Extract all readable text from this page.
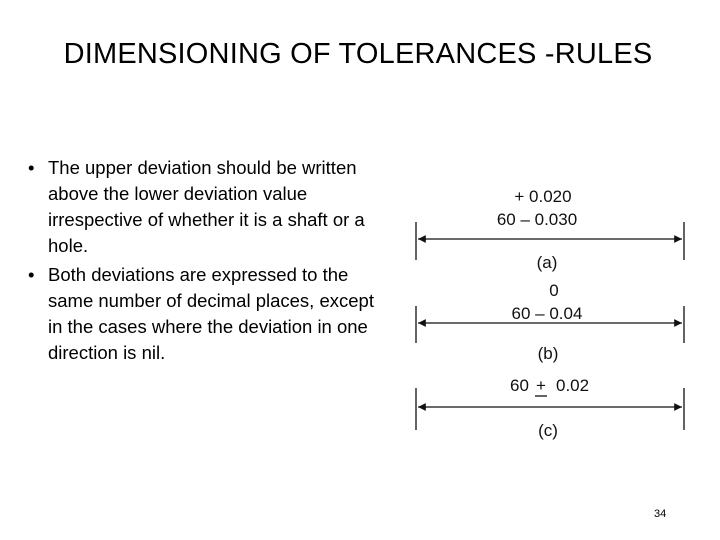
DIMENSIONING OF TOLERANCES -RULES
• The upper deviation should be written above the lower deviation value irrespective of whether it is a shaft or a hole.
• Both deviations are expressed to the same number of decimal places, except in the cases where the deviation in one direction is nil.
+ 0.020
60 – 0.030
(a)
0
60 – 0.04
(b)
60 + 0.02
(c)
34
